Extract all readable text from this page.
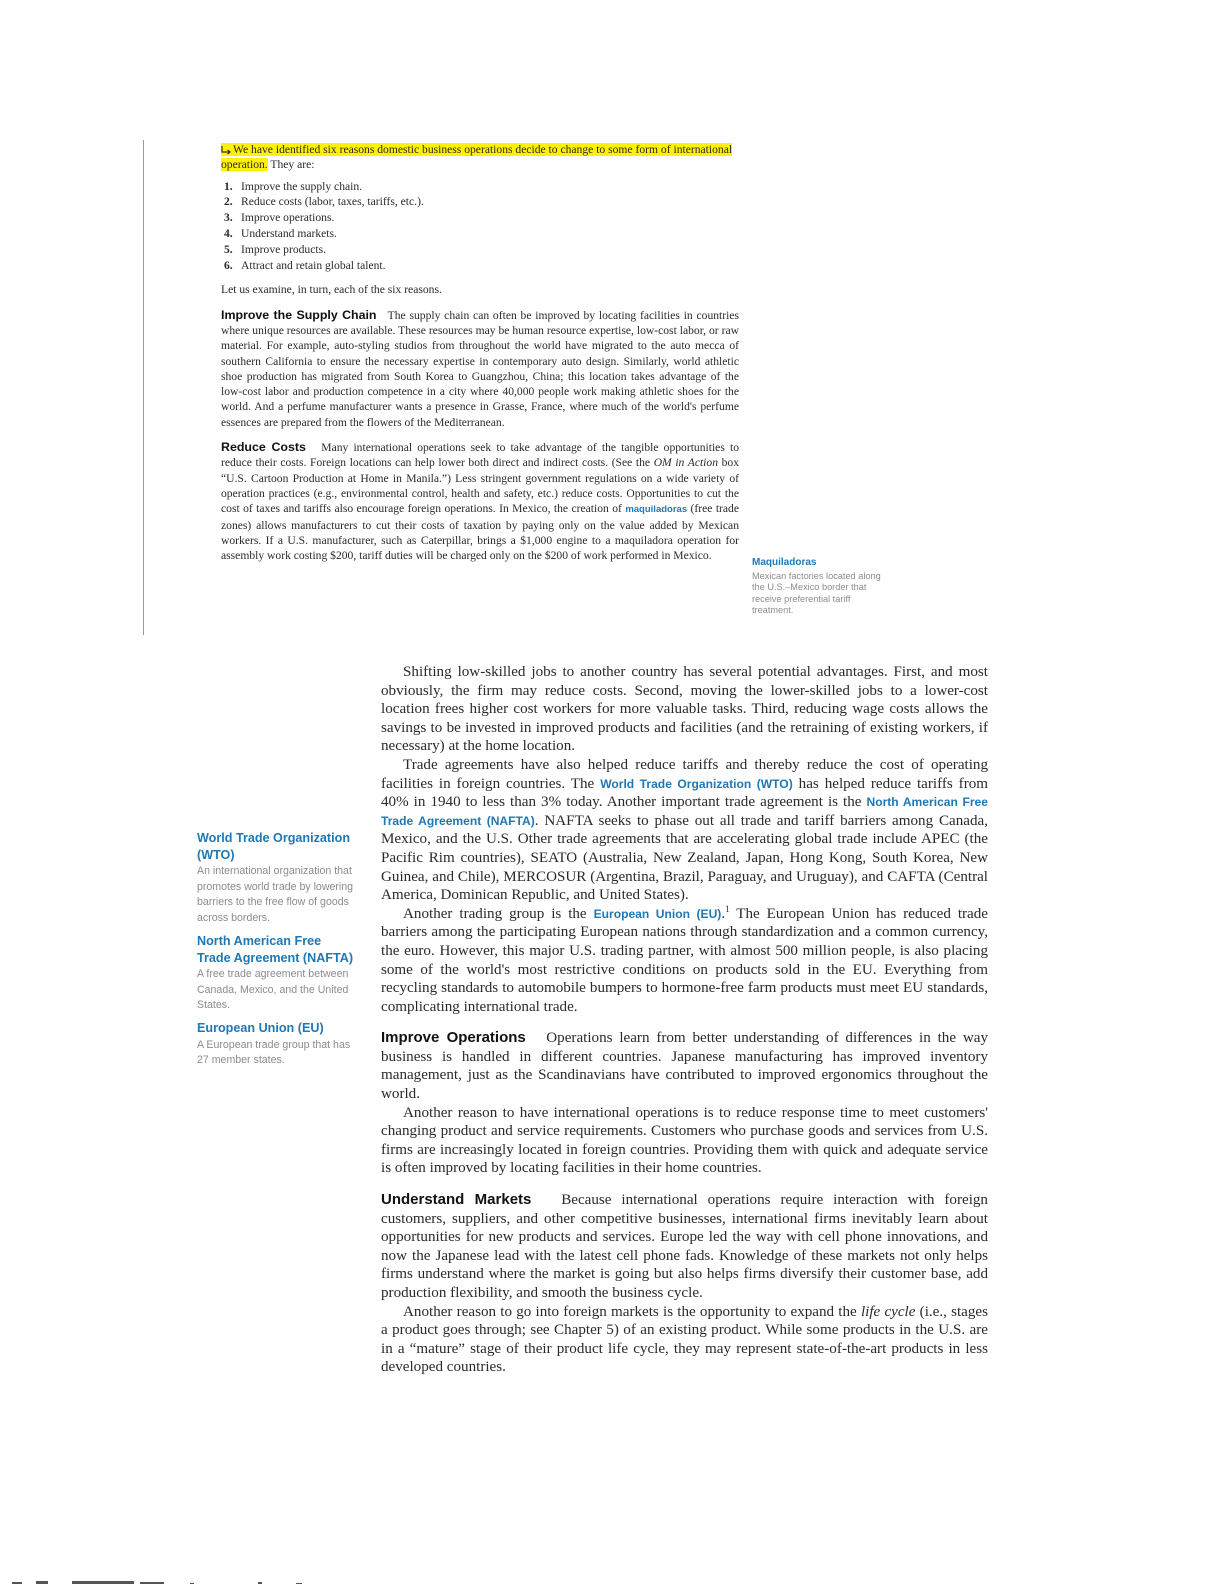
We have identified six reasons domestic business operations decide to change to some form of international operation. They are:

1. Improve the supply chain.
2. Reduce costs (labor, taxes, tariffs, etc.).
3. Improve operations.
4. Understand markets.
5. Improve products.
6. Attract and retain global talent.

Let us examine, in turn, each of the six reasons.

Improve the Supply Chain The supply chain can often be improved by locating facilities in countries where unique resources are available. These resources may be human resource expertise, low-cost labor, or raw material. For example, auto-styling studios from throughout the world have migrated to the auto mecca of southern California to ensure the necessary expertise in contemporary auto design. Similarly, world athletic shoe production has migrated from South Korea to Guangzhou, China; this location takes advantage of the low-cost labor and production competence in a city where 40,000 people work making athletic shoes for the world. And a perfume manufacturer wants a presence in Grasse, France, where much of the world's perfume essences are prepared from the flowers of the Mediterranean.

Reduce Costs Many international operations seek to take advantage of the tangible opportunities to reduce their costs. Foreign locations can help lower both direct and indirect costs. (See the OM in Action box “U.S. Cartoon Production at Home in Manila.”) Less stringent government regulations on a wide variety of operation practices (e.g., environmental control, health and safety, etc.) reduce costs. Opportunities to cut the cost of taxes and tariffs also encourage foreign operations. In Mexico, the creation of maquiladoras (free trade zones) allows manufacturers to cut their costs of taxation by paying only on the value added by Mexican workers. If a U.S. manufacturer, such as Caterpillar, brings a $1,000 engine to a maquiladora operation for assembly work costing $200, tariff duties will be charged only on the $200 of work performed in Mexico.

Maquiladoras
Mexican factories located along the U.S.–Mexico border that receive preferential tariff treatment.
World Trade Organization (WTO)
An international organization that promotes world trade by lowering barriers to the free flow of goods across borders.
North American Free Trade Agreement (NAFTA)
A free trade agreement between Canada, Mexico, and the United States.
European Union (EU)
A European trade group that has 27 member states.

Shifting low-skilled jobs to another country has several potential advantages. First, and most obviously, the firm may reduce costs. Second, moving the lower-skilled jobs to a lower-cost location frees higher cost workers for more valuable tasks. Third, reducing wage costs allows the savings to be invested in improved products and facilities (and the retraining of existing workers, if necessary) at the home location.

Trade agreements have also helped reduce tariffs and thereby reduce the cost of operating facilities in foreign countries. The World Trade Organization (WTO) has helped reduce tariffs from 40% in 1940 to less than 3% today. Another important trade agreement is the North American Free Trade Agreement (NAFTA). NAFTA seeks to phase out all trade and tariff barriers among Canada, Mexico, and the U.S. Other trade agreements that are accelerating global trade include APEC (the Pacific Rim countries), SEATO (Australia, New Zealand, Japan, Hong Kong, South Korea, New Guinea, and Chile), MERCOSUR (Argentina, Brazil, Paraguay, and Uruguay), and CAFTA (Central America, Dominican Republic, and United States).

Another trading group is the European Union (EU).$^1$ The European Union has reduced trade barriers among the participating European nations through standardization and a common currency, the euro. However, this major U.S. trading partner, with almost 500 million people, is also placing some of the world's most restrictive conditions on products sold in the EU. Everything from recycling standards to automobile bumpers to hormone-free farm products must meet EU standards, complicating international trade.

Improve Operations Operations learn from better understanding of differences in the way business is handled in different countries. Japanese manufacturing has improved inventory management, just as the Scandinavians have contributed to improved ergonomics throughout the world.

Another reason to have international operations is to reduce response time to meet customers' changing product and service requirements. Customers who purchase goods and services from U.S. firms are increasingly located in foreign countries. Providing them with quick and adequate service is often improved by locating facilities in their home countries.

Understand Markets Because international operations require interaction with foreign customers, suppliers, and other competitive businesses, international firms inevitably learn about opportunities for new products and services. Europe led the way with cell phone innovations, and now the Japanese lead with the latest cell phone fads. Knowledge of these markets not only helps firms understand where the market is going but also helps firms diversify their customer base, add production flexibility, and smooth the business cycle.

Another reason to go into foreign markets is the opportunity to expand the life cycle (i.e., stages a product goes through; see Chapter 5) of an existing product. While some products in the U.S. are in a “mature” stage of their product life cycle, they may represent state-of-the-art products in less developed countries.
